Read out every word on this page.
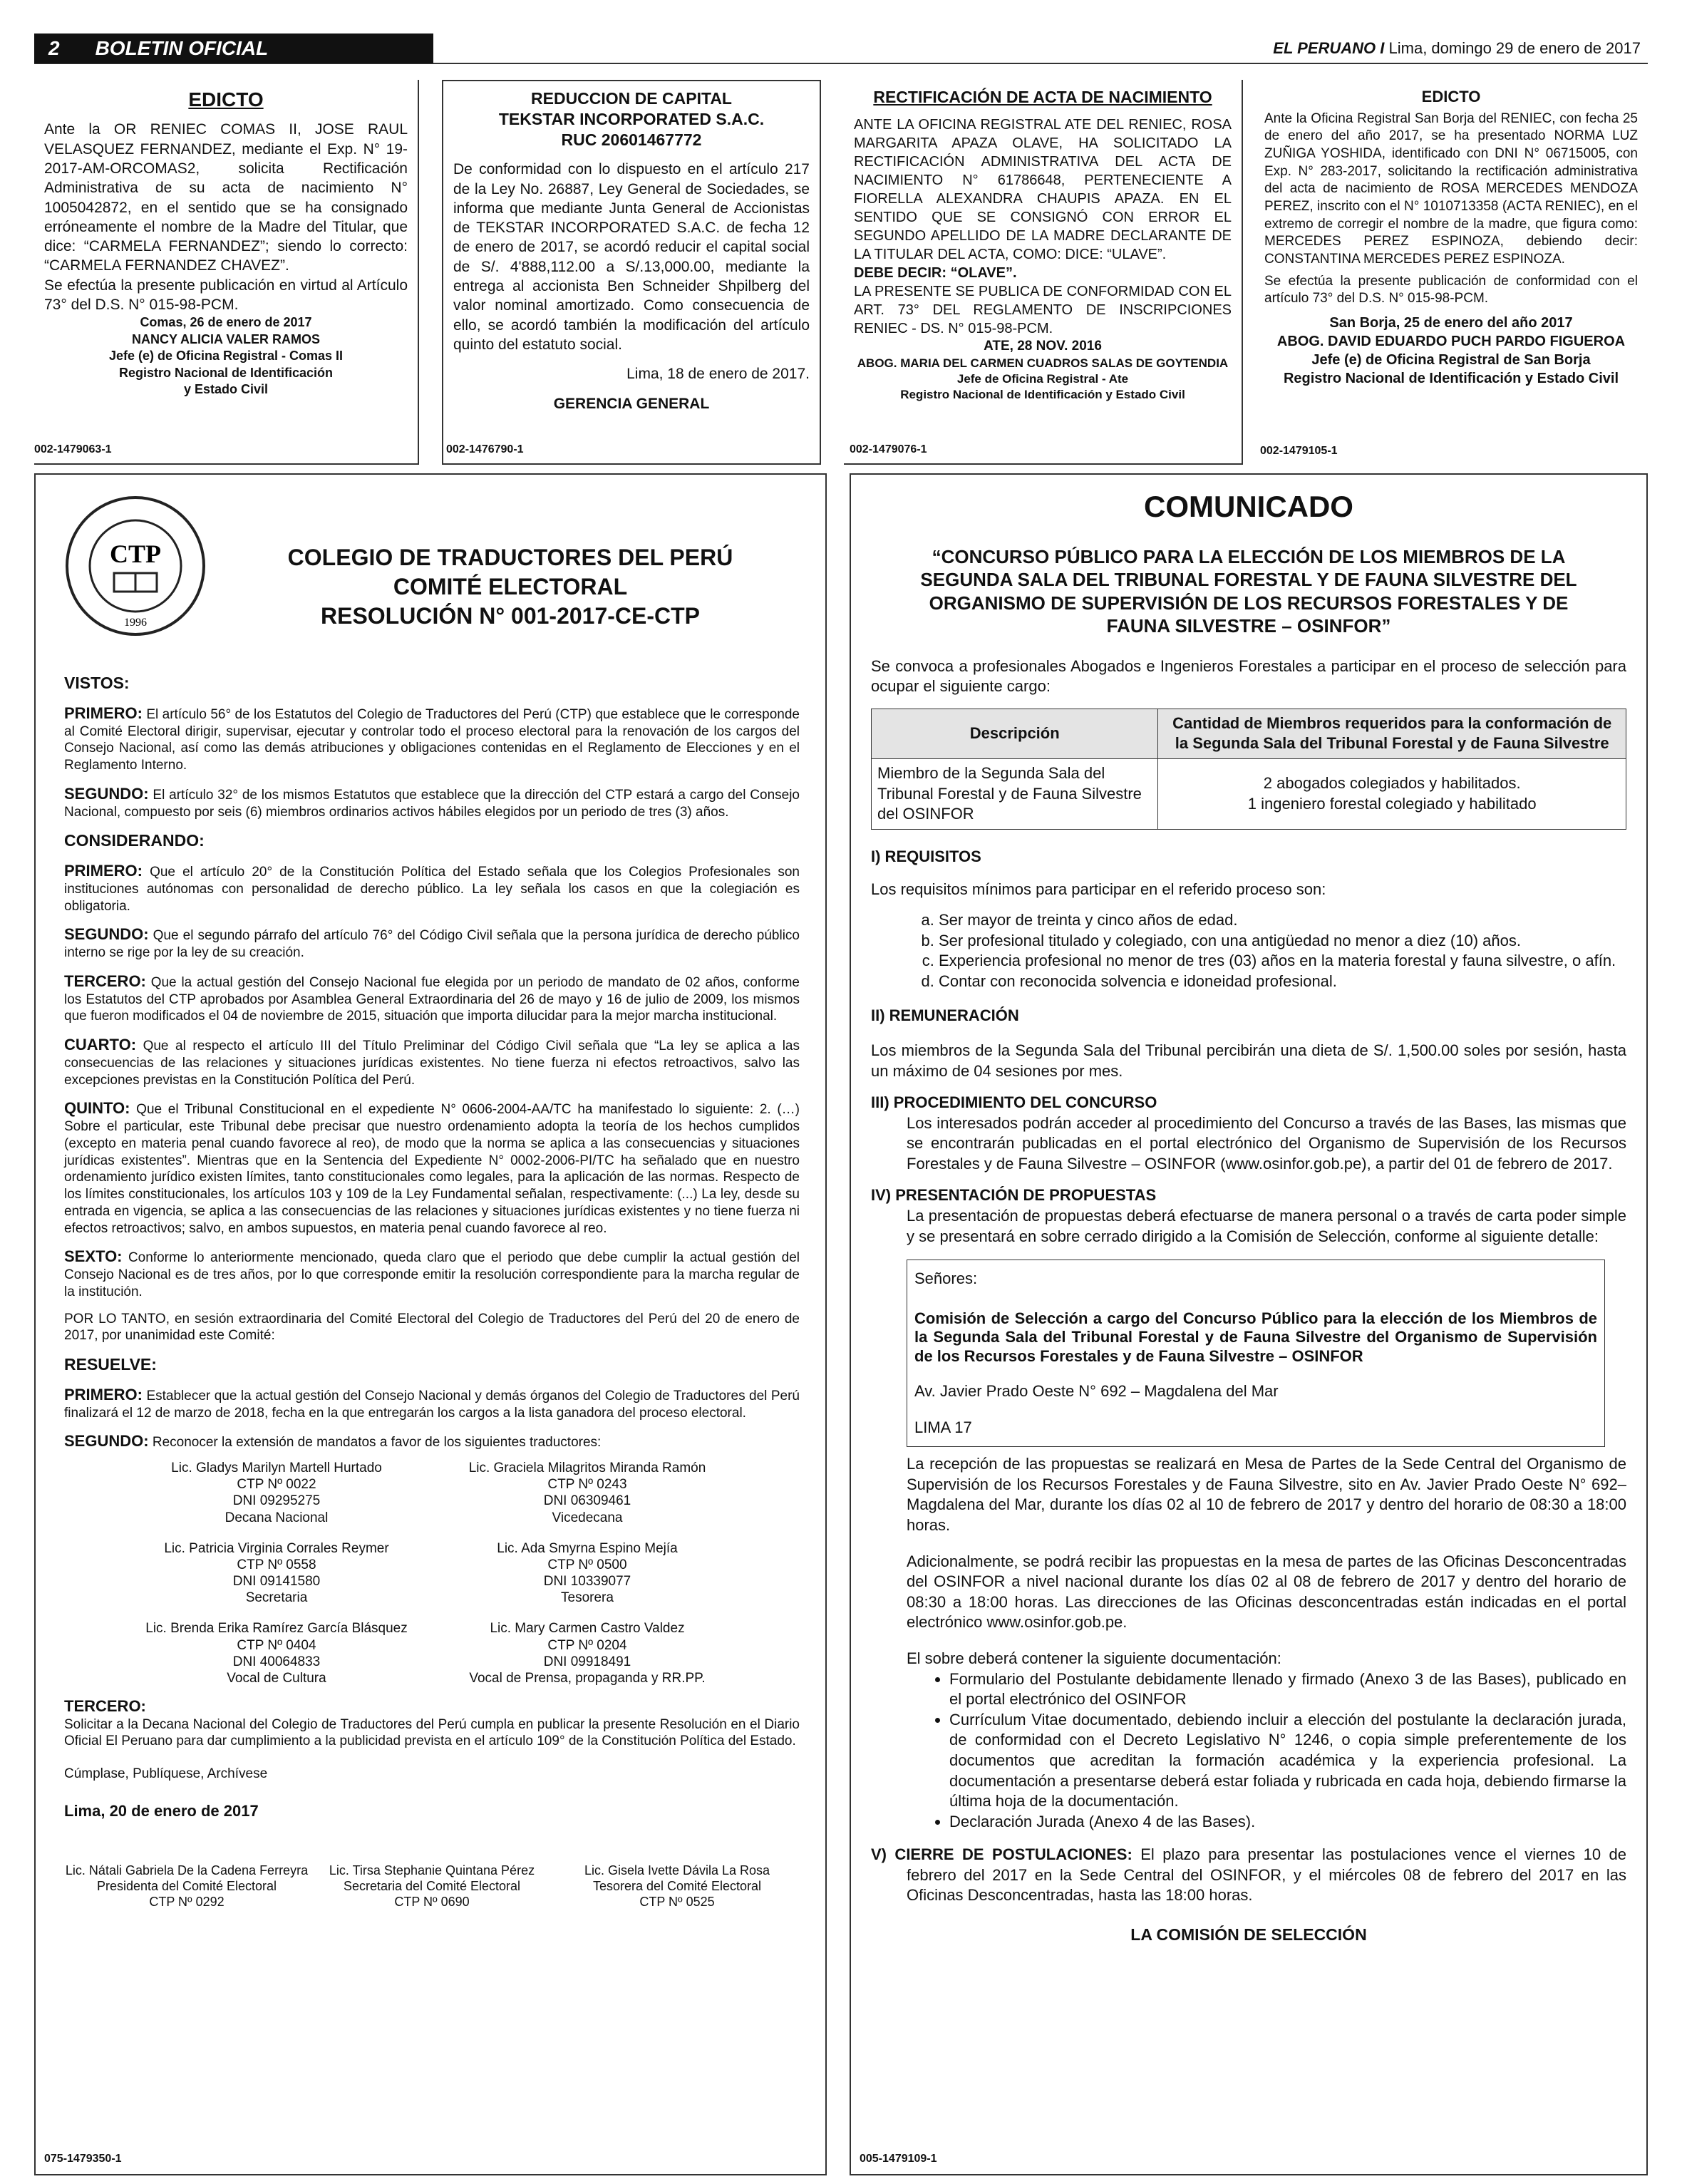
2 BOLETIN OFICIAL	EL PERUANO I Lima, domingo 29 de enero de 2017
EDICTO
Ante la OR RENIEC COMAS II, JOSE RAUL VELASQUEZ FERNANDEZ, mediante el Exp. N° 19-2017-AM-ORCOMAS2, solicita Rectificación Administrativa de su acta de nacimiento N° 1005042872, en el sentido que se ha consignado erróneamente el nombre de la Madre del Titular, que dice: “CARMELA FERNANDEZ”; siendo lo correcto: “CARMELA FERNANDEZ CHAVEZ”.
Se efectúa la presente publicación en virtud al Artículo 73° del D.S. N° 015-98-PCM.
Comas, 26 de enero de 2017
NANCY ALICIA VALER RAMOS
Jefe (e) de Oficina Registral - Comas II
Registro Nacional de Identificación
y Estado Civil
002-1479063-1
REDUCCION DE CAPITAL
TEKSTAR INCORPORATED S.A.C.
RUC 20601467772
De conformidad con lo dispuesto en el artículo 217 de la Ley No. 26887, Ley General de Sociedades, se informa que mediante Junta General de Accionistas de TEKSTAR INCORPORATED S.A.C. de fecha 12 de enero de 2017, se acordó reducir el capital social de S/. 4'888,112.00 a S/.13,000.00, mediante la entrega al accionista Ben Schneider Shpilberg del valor nominal amortizado. Como consecuencia de ello, se acordó también la modificación del artículo quinto del estatuto social.
Lima, 18 de enero de 2017.
GERENCIA GENERAL
002-1476790-1
RECTIFICACIÓN DE ACTA DE NACIMIENTO
ANTE LA OFICINA REGISTRAL ATE DEL RENIEC, ROSA MARGARITA APAZA OLAVE, HA SOLICITADO LA RECTIFICACIÓN ADMINISTRATIVA DEL ACTA DE NACIMIENTO N° 61786648, PERTENECIENTE A FIORELLA ALEXANDRA CHAUPIS APAZA. EN EL SENTIDO QUE SE CONSIGNÓ CON ERROR EL SEGUNDO APELLIDO DE LA MADRE DECLARANTE DE LA TITULAR DEL ACTA, COMO: DICE: “ULAVE”.
DEBE DECIR: “OLAVE”.
LA PRESENTE SE PUBLICA DE CONFORMIDAD CON EL ART. 73° DEL REGLAMENTO DE INSCRIPCIONES RENIEC - DS. N° 015-98-PCM.
ATE, 28 NOV. 2016
ABOG. MARIA DEL CARMEN CUADROS SALAS DE GOYTENDIA
Jefe de Oficina Registral - Ate
Registro Nacional de Identificación y Estado Civil
002-1479076-1
EDICTO
Ante la Oficina Registral San Borja del RENIEC, con fecha 25 de enero del año 2017, se ha presentado NORMA LUZ ZUÑIGA YOSHIDA, identificado con DNI N° 06715005, con Exp. N° 283-2017, solicitando la rectificación administrativa del acta de nacimiento de ROSA MERCEDES MENDOZA PEREZ, inscrito con el N° 1010713358 (ACTA RENIEC), en el extremo de corregir el nombre de la madre, que figura como: MERCEDES PEREZ ESPINOZA, debiendo decir: CONSTANTINA MERCEDES PEREZ ESPINOZA.
Se efectúa la presente publicación de conformidad con el artículo 73° del D.S. N° 015-98-PCM.
San Borja, 25 de enero del año 2017
ABOG. DAVID EDUARDO PUCH PARDO FIGUEROA
Jefe (e) de Oficina Registral de San Borja
Registro Nacional de Identificación y Estado Civil
002-1479105-1
CTP
1996
COLEGIO DE TRADUCTORES DEL PERÚ
COMITÉ ELECTORAL
RESOLUCIÓN N° 001-2017-CE-CTP
VISTOS:
PRIMERO: El artículo 56° de los Estatutos del Colegio de Traductores del Perú (CTP) que establece que le corresponde al Comité Electoral dirigir, supervisar, ejecutar y controlar todo el proceso electoral para la renovación de los cargos del Consejo Nacional, así como las demás atribuciones y obligaciones contenidas en el Reglamento de Elecciones y en el Reglamento Interno.
SEGUNDO: El artículo 32° de los mismos Estatutos que establece que la dirección del CTP estará a cargo del Consejo Nacional, compuesto por seis (6) miembros ordinarios activos hábiles elegidos por un periodo de tres (3) años.
CONSIDERANDO:
PRIMERO: Que el artículo 20° de la Constitución Política del Estado señala que los Colegios Profesionales son instituciones autónomas con personalidad de derecho público. La ley señala los casos en que la colegiación es obligatoria.
SEGUNDO: Que el segundo párrafo del artículo 76° del Código Civil señala que la persona jurídica de derecho público interno se rige por la ley de su creación.
TERCERO: Que la actual gestión del Consejo Nacional fue elegida por un periodo de mandato de 02 años, conforme los Estatutos del CTP aprobados por Asamblea General Extraordinaria del 26 de mayo y 16 de julio de 2009, los mismos que fueron modificados el 04 de noviembre de 2015, situación que importa dilucidar para la mejor marcha institucional.
CUARTO: Que al respecto el artículo III del Título Preliminar del Código Civil señala que “La ley se aplica a las consecuencias de las relaciones y situaciones jurídicas existentes. No tiene fuerza ni efectos retroactivos, salvo las excepciones previstas en la Constitución Política del Perú.
QUINTO: Que el Tribunal Constitucional en el expediente N° 0606-2004-AA/TC ha manifestado lo siguiente: 2. (…) Sobre el particular, este Tribunal debe precisar que nuestro ordenamiento adopta la teoría de los hechos cumplidos (excepto en materia penal cuando favorece al reo), de modo que la norma se aplica a las consecuencias y situaciones jurídicas existentes”. Mientras que en la Sentencia del Expediente N° 0002-2006-PI/TC ha señalado que en nuestro ordenamiento jurídico existen límites, tanto constitucionales como legales, para la aplicación de las normas. Respecto de los límites constitucionales, los artículos 103 y 109 de la Ley Fundamental señalan, respectivamente: (...) La ley, desde su entrada en vigencia, se aplica a las consecuencias de las relaciones y situaciones jurídicas existentes y no tiene fuerza ni efectos retroactivos; salvo, en ambos supuestos, en materia penal cuando favorece al reo.
SEXTO: Conforme lo anteriormente mencionado, queda claro que el periodo que debe cumplir la actual gestión del Consejo Nacional es de tres años, por lo que corresponde emitir la resolución correspondiente para la marcha regular de la institución.
POR LO TANTO, en sesión extraordinaria del Comité Electoral del Colegio de Traductores del Perú del 20 de enero de 2017, por unanimidad este Comité:
RESUELVE:
PRIMERO: Establecer que la actual gestión del Consejo Nacional y demás órganos del Colegio de Traductores del Perú finalizará el 12 de marzo de 2018, fecha en la que entregarán los cargos a la lista ganadora del proceso electoral.
SEGUNDO: Reconocer la extensión de mandatos a favor de los siguientes traductores:
Lic. Gladys Marilyn Martell Hurtado
CTP Nº 0022
DNI 09295275
Decana Nacional
Lic. Graciela Milagritos Miranda Ramón
CTP Nº 0243
DNI 06309461
Vicedecana
Lic. Patricia Virginia Corrales Reymer
CTP Nº 0558
DNI 09141580
Secretaria
Lic. Ada Smyrna Espino Mejía
CTP Nº 0500
DNI 10339077
Tesorera
Lic. Brenda Erika Ramírez García Blásquez
CTP Nº 0404
DNI 40064833
Vocal de Cultura
Lic. Mary Carmen Castro Valdez
CTP Nº 0204
DNI 09918491
Vocal de Prensa, propaganda y RR.PP.
TERCERO:
Solicitar a la Decana Nacional del Colegio de Traductores del Perú cumpla en publicar la presente Resolución en el Diario Oficial El Peruano para dar cumplimiento a la publicidad prevista en el artículo 109° de la Constitución Política del Estado.
Cúmplase, Publíquese, Archívese
Lima, 20 de enero de 2017
Lic. Nátali Gabriela De la Cadena Ferreyra
Presidenta del Comité Electoral
CTP Nº 0292
Lic. Tirsa Stephanie Quintana Pérez
Secretaria del Comité Electoral
CTP Nº 0690
Lic. Gisela Ivette Dávila La Rosa
Tesorera del Comité Electoral
CTP Nº 0525
075-1479350-1
COMUNICADO
“CONCURSO PÚBLICO PARA LA ELECCIÓN DE LOS MIEMBROS DE LA SEGUNDA SALA DEL TRIBUNAL FORESTAL Y DE FAUNA SILVESTRE DEL ORGANISMO DE SUPERVISIÓN DE LOS RECURSOS FORESTALES Y DE FAUNA SILVESTRE – OSINFOR”
Se convoca a profesionales Abogados e Ingenieros Forestales a participar en el proceso de selección para ocupar el siguiente cargo:
Descripción	Cantidad de Miembros requeridos para la conformación de la Segunda Sala del Tribunal Forestal y de Fauna Silvestre
Miembro de la Segunda Sala del Tribunal Forestal y de Fauna Silvestre del OSINFOR	2 abogados colegiados y habilitados.
1 ingeniero forestal colegiado y habilitado
I) REQUISITOS
Los requisitos mínimos para participar en el referido proceso son:
a. Ser mayor de treinta y cinco años de edad.
b. Ser profesional titulado y colegiado, con una antigüedad no menor a diez (10) años.
c. Experiencia profesional no menor de tres (03) años en la materia forestal y fauna silvestre, o afín.
d. Contar con reconocida solvencia e idoneidad profesional.
II) REMUNERACIÓN
Los miembros de la Segunda Sala del Tribunal percibirán una dieta de S/. 1,500.00 soles por sesión, hasta un máximo de 04 sesiones por mes.
III) PROCEDIMIENTO DEL CONCURSO
Los interesados podrán acceder al procedimiento del Concurso a través de las Bases, las mismas que se encontrarán publicadas en el portal electrónico del Organismo de Supervisión de los Recursos Forestales y de Fauna Silvestre – OSINFOR (www.osinfor.gob.pe), a partir del 01 de febrero de 2017.
IV) PRESENTACIÓN DE PROPUESTAS
La presentación de propuestas deberá efectuarse de manera personal o a través de carta poder simple y se presentará en sobre cerrado dirigido a la Comisión de Selección, conforme al siguiente detalle:
Señores:
Comisión de Selección a cargo del Concurso Público para la elección de los Miembros de la Segunda Sala del Tribunal Forestal y de Fauna Silvestre del Organismo de Supervisión de los Recursos Forestales y de Fauna Silvestre – OSINFOR
Av. Javier Prado Oeste N° 692 – Magdalena del Mar
LIMA 17
La recepción de las propuestas se realizará en Mesa de Partes de la Sede Central del Organismo de Supervisión de los Recursos Forestales y de Fauna Silvestre, sito en Av. Javier Prado Oeste N° 692– Magdalena del Mar, durante los días 02 al 10 de febrero de 2017 y dentro del horario de 08:30 a 18:00 horas.
Adicionalmente, se podrá recibir las propuestas en la mesa de partes de las Oficinas Desconcentradas del OSINFOR a nivel nacional durante los días 02 al 08 de febrero de 2017 y dentro del horario de 08:30 a 18:00 horas. Las direcciones de las Oficinas desconcentradas están indicadas en el portal electrónico www.osinfor.gob.pe.
El sobre deberá contener la siguiente documentación:
• Formulario del Postulante debidamente llenado y firmado (Anexo 3 de las Bases), publicado en el portal electrónico del OSINFOR
• Currículum Vitae documentado, debiendo incluir a elección del postulante la declaración jurada, de conformidad con el Decreto Legislativo N° 1246, o copia simple preferentemente de los documentos que acreditan la formación académica y la experiencia profesional. La documentación a presentarse deberá estar foliada y rubricada en cada hoja, debiendo firmarse la última hoja de la documentación.
• Declaración Jurada (Anexo 4 de las Bases).
V) CIERRE DE POSTULACIONES: El plazo para presentar las postulaciones vence el viernes 10 de febrero del 2017 en la Sede Central del OSINFOR, y el miércoles 08 de febrero del 2017 en las Oficinas Desconcentradas, hasta las 18:00 horas.
LA COMISIÓN DE SELECCIÓN
005-1479109-1
